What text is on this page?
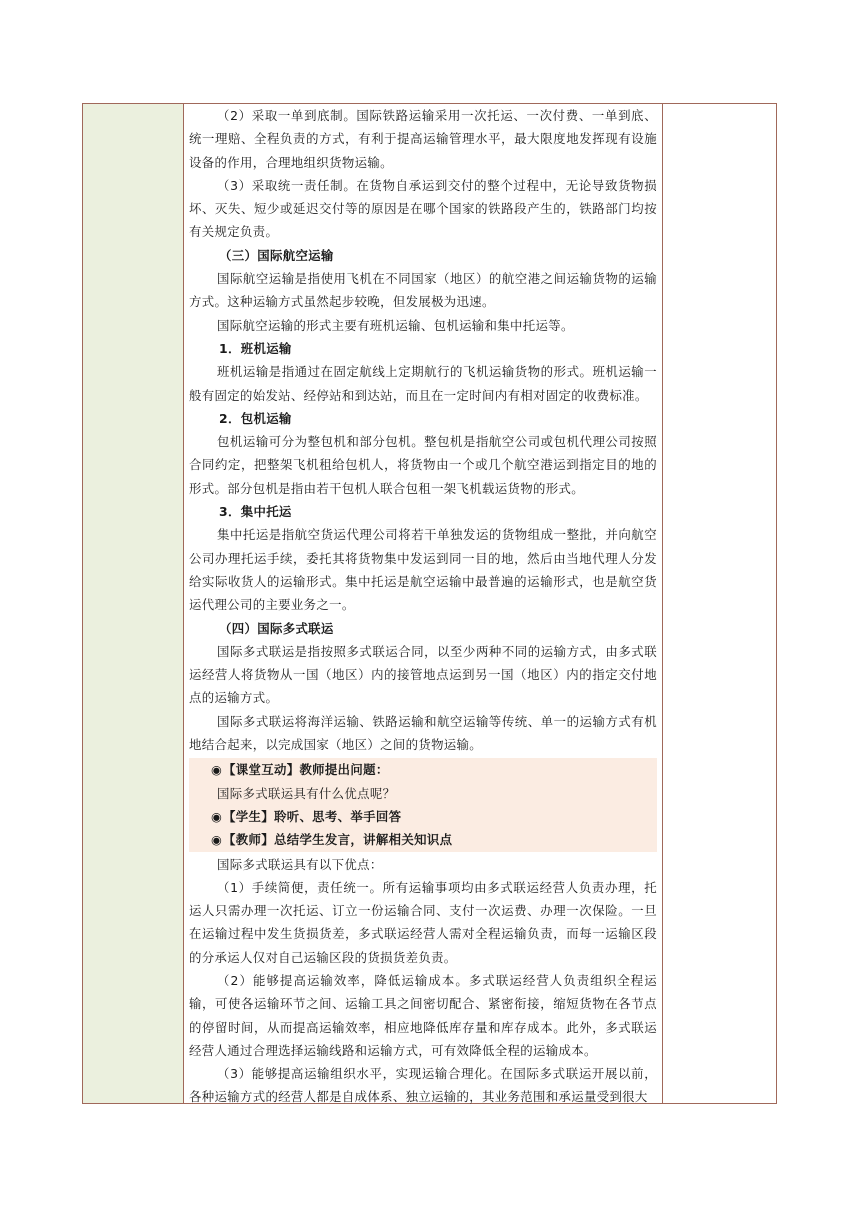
（2）采取一单到底制。国际铁路运输采用一次托运、一次付费、一单到底、统一理赔、全程负责的方式，有利于提高运输管理水平，最大限度地发挥现有设施设备的作用，合理地组织货物运输。

（3）采取统一责任制。在货物自承运到交付的整个过程中，无论导致货物损坏、灭失、短少或延迟交付等的原因是在哪个国家的铁路段产生的，铁路部门均按有关规定负责。

（三）国际航空运输

国际航空运输是指使用飞机在不同国家（地区）的航空港之间运输货物的运输方式。这种运输方式虽然起步较晚，但发展极为迅速。

国际航空运输的形式主要有班机运输、包机运输和集中托运等。

1．班机运输

班机运输是指通过在固定航线上定期航行的飞机运输货物的形式。班机运输一般有固定的始发站、经停站和到达站，而且在一定时间内有相对固定的收费标准。

2．包机运输

包机运输可分为整包机和部分包机。整包机是指航空公司或包机代理公司按照合同约定，把整架飞机租给包机人，将货物由一个或几个航空港运到指定目的地的形式。部分包机是指由若干包机人联合包租一架飞机载运货物的形式。

3．集中托运

集中托运是指航空货运代理公司将若干单独发运的货物组成一整批，并向航空公司办理托运手续，委托其将货物集中发运到同一目的地，然后由当地代理人分发给实际收货人的运输形式。集中托运是航空运输中最普遍的运输形式，也是航空货运代理公司的主要业务之一。

（四）国际多式联运

国际多式联运是指按照多式联运合同，以至少两种不同的运输方式，由多式联运经营人将货物从一国（地区）内的接管地点运到另一国（地区）内的指定交付地点的运输方式。

国际多式联运将海洋运输、铁路运输和航空运输等传统、单一的运输方式有机地结合起来，以完成国家（地区）之间的货物运输。

◉【课堂互动】教师提出问题：

国际多式联运具有什么优点呢？

◉【学生】聆听、思考、举手回答

◉【教师】总结学生发言，讲解相关知识点

国际多式联运具有以下优点：

（1）手续简便，责任统一。所有运输事项均由多式联运经营人负责办理，托运人只需办理一次托运、订立一份运输合同、支付一次运费、办理一次保险。一旦在运输过程中发生货损货差，多式联运经营人需对全程运输负责，而每一运输区段的分承运人仅对自己运输区段的货损货差负责。

（2）能够提高运输效率，降低运输成本。多式联运经营人负责组织全程运输，可使各运输环节之间、运输工具之间密切配合、紧密衔接，缩短货物在各节点的停留时间，从而提高运输效率，相应地降低库存量和库存成本。此外，多式联运经营人通过合理选择运输线路和运输方式，可有效降低全程的运输成本。

（3）能够提高运输组织水平，实现运输合理化。在国际多式联运开展以前，各种运输方式的经营人都是自成体系、独立运输的，其业务范围和承运量受到很大
